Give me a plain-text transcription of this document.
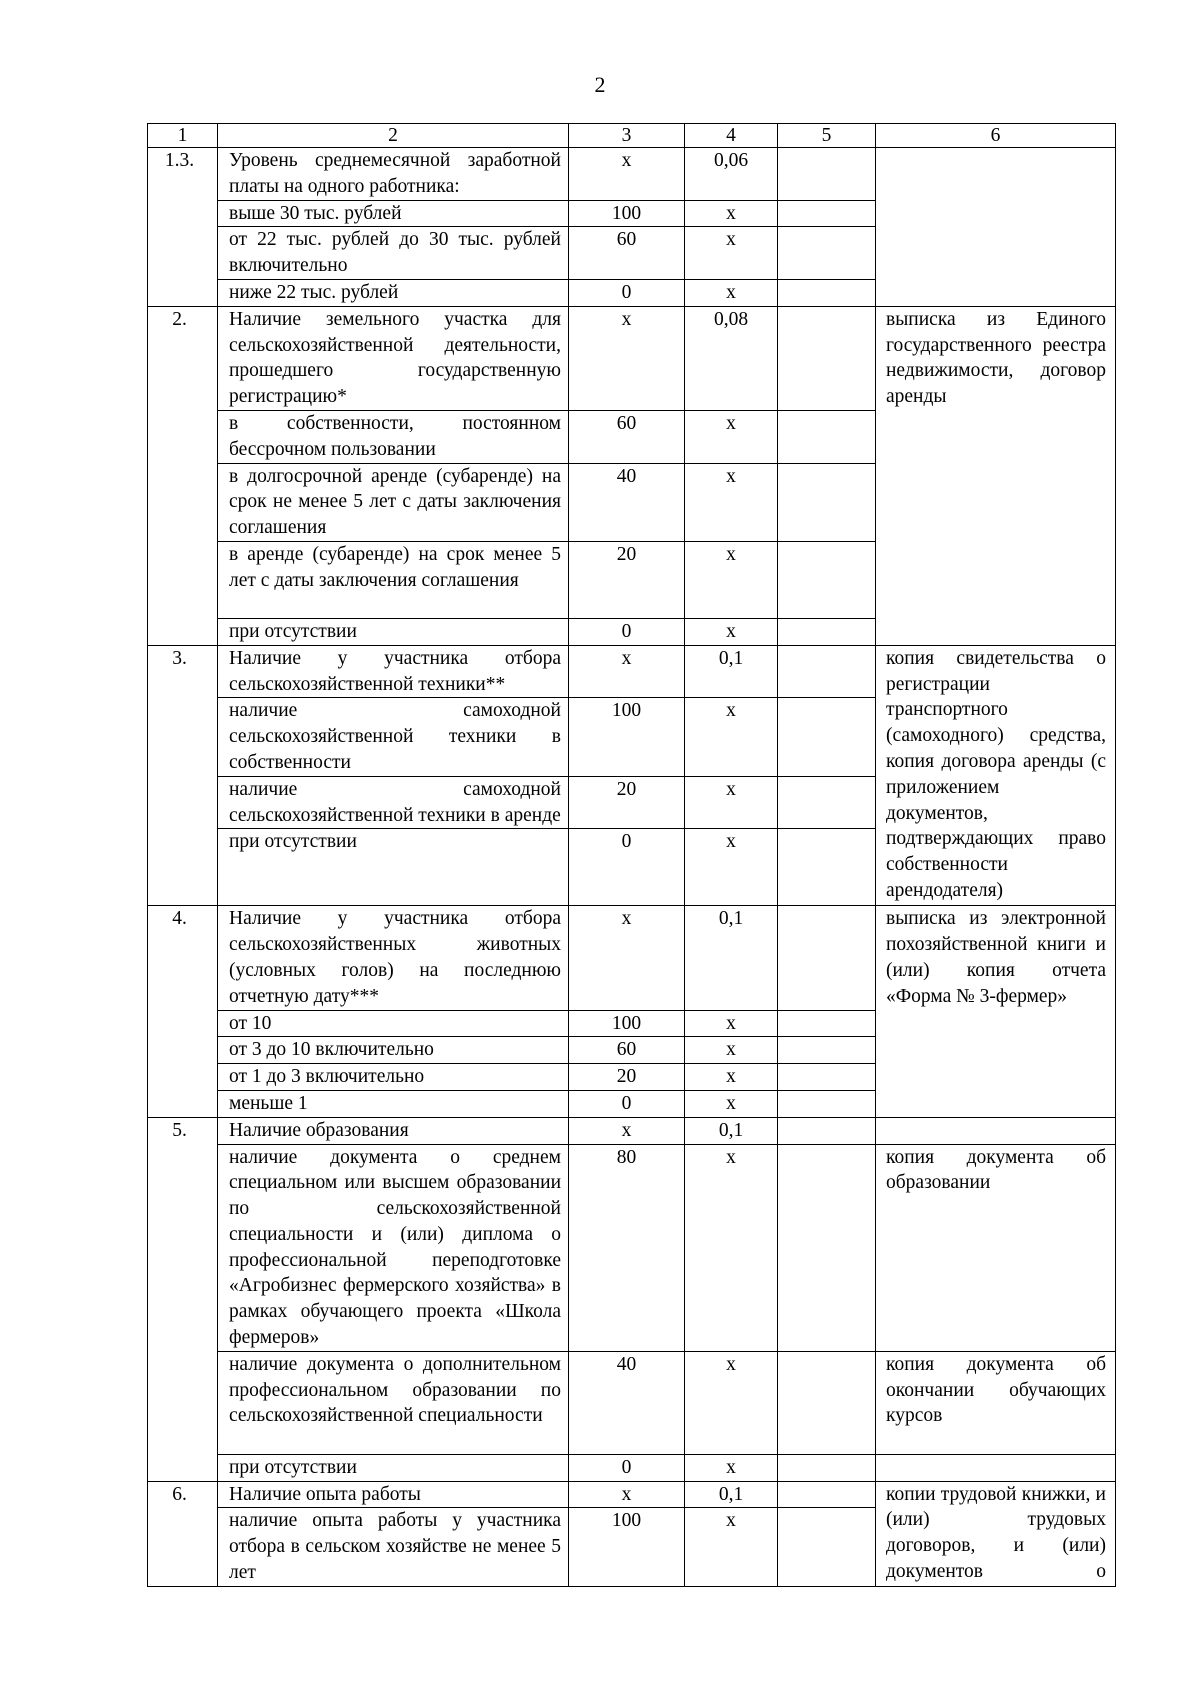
2
1	2	3	4	5	6
1.3.	Уровень среднемесячной заработной платы на одного работника:	х	0,06		
	выше 30 тыс. рублей	100	х		
	от 22 тыс. рублей до 30 тыс. рублей включительно	60	х		
	ниже 22 тыс. рублей	0	х		
2.	Наличие земельного участка для сельскохозяйственной деятельности, прошедшего государственную регистрацию*	х	0,08		выписка из Единого государственного реестра недвижимости, договор аренды
	в собственности, постоянном бессрочном пользовании	60	х		
	в долгосрочной аренде (субаренде) на срок не менее 5 лет с даты заключения соглашения	40	х		
	в аренде (субаренде) на срок менее 5 лет с даты заключения соглашения	20	х		
	при отсутствии	0	х		
3.	Наличие у участника отбора сельскохозяйственной техники**	х	0,1		копия свидетельства о регистрации транспортного (самоходного) средства, копия договора аренды (с приложением документов, подтверждающих право собственности арендодателя)
	наличие самоходной сельскохозяйственной техники в собственности	100	х		
	наличие самоходной сельскохозяйственной техники в аренде	20	х		
	при отсутствии	0	х		
4.	Наличие у участника отбора сельскохозяйственных животных (условных голов) на последнюю отчетную дату***	х	0,1		выписка из электронной похозяйственной книги и (или) копия отчета «Форма № 3-фермер»
	от 10	100	х		
	от 3 до 10 включительно	60	х		
	от 1 до 3 включительно	20	х		
	меньше 1	0	х		
5.	Наличие образования	х	0,1		
	наличие документа о среднем специальном или высшем образовании по сельскохозяйственной специальности и (или) диплома о профессиональной переподготовке «Агробизнес фермерского хозяйства» в рамках обучающего проекта «Школа фермеров»	80	х		копия документа об образовании
	наличие документа о дополнительном профессиональном образовании по сельскохозяйственной специальности	40	х		копия документа об окончании обучающих курсов
	при отсутствии	0	х		
6.	Наличие опыта работы	х	0,1		копии трудовой книжки, и (или) трудовых договоров, и (или) документов о
	наличие опыта работы у участника отбора в сельском хозяйстве не менее 5 лет	100	х		
